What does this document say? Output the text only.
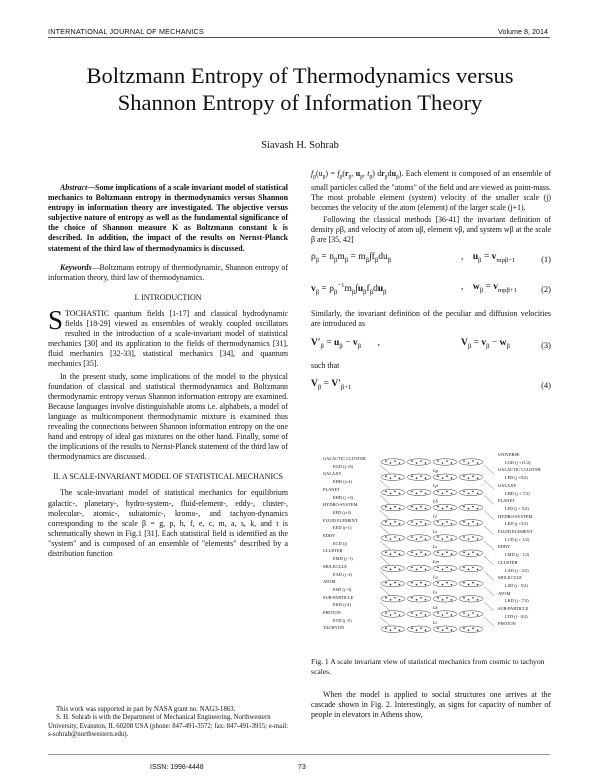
INTERNATIONAL JOURNAL OF MECHANICS	Volume 8, 2014
Boltzmann Entropy of Thermodynamics versus
Shannon Entropy of Information Theory
Siavash H. Sohrab

Abstract—Some implications of a scale invariant model of statistical mechanics to Boltzmann entropy in thermodynamics versus Shannon entropy in information theory are investigated. The objective versus subjective nature of entropy as well as the fundamental significance of the choice of Shannon measure K as Boltzmann constant k is described. In addition, the impact of the results on Nernst-Planck statement of the third law of thermodynamics is discussed.

Keywords—Boltzmann entropy of thermodynamic, Shannon entropy of information theory, third law of thermodynamics.

I. INTRODUCTION

STOCHASTIC quantum fields [1-17] and classical hydrodynamic fields [18-29] viewed as ensembles of weakly coupled oscillators resulted in the introduction of a scale-invariant model of statistical mechanics [30] and its application to the fields of thermodynamics [31], fluid mechanics [32-33], statistical mechanics [34], and quantum mechanics [35].

In the present study, some implications of the model to the physical foundation of classical and statistical thermodynamics and Boltzmann thermodynamic entropy versus Shannon information entropy are examined. Because languages involve distinguishable atoms i.e. alphabets, a model of language as multicomponent thermodynamic mixture is examined thus revealing the connections between Shannon information entropy on the one hand and entropy of ideal gas mixtures on the other hand. Finally, some of the implications of the results to Nernst-Planck statement of the third law of thermodynamics are discussed.

II. A SCALE-INVARIANT MODEL OF STATISTICAL MECHANICS

The scale-invariant model of statistical mechanics for equilibrium galactic-, planetary-, hydro-system-, fluid-element-, eddy-, cluster-, molecular-, atomic-, subatomic-, kromo-, and tachyon-dynamics corresponding to the scale β = g, p, h, f, e, c, m, a, s, k, and t is schematically shown in Fig.1 [31]. Each statistical field is identified as the "system" and is composed of an ensemble of "elements" described by a distribution function

This work was supported in part by NASA grant no. NAG3-1863.

S. H. Sohrab is with the Department of Mechanical Engineering, Northwestern University, Evanston, IL 60208 USA (phone: 847-491-3572; fax: 847-491-3915; e-mail: s-sohrab@northwestern.edu).

$f_\beta(u_\beta) = f_\beta(r_\beta$, $u_\beta$, $t_\beta$) $dr_\beta du_\beta$). Each element is composed of an ensemble of small particles called the "atoms" of the field and are viewed as point-mass. The most probable element (system) velocity of the smaller scale (j) becomes the velocity of the atom (element) of the larger scale (j+1).

Following the classical methods [36-41] the invariant definition of density ρβ, and velocity of atom uβ, element vβ, and system wβ at the scale β are [35, 42]

$\rho_\beta = n_\beta m_\beta = m_\beta\int f_\beta du_\beta$	,    $u_\beta = v_{mp\beta-1}$	(1)
$v_\beta = \rho_\beta^{-1}m_\beta\int u_\beta f_\beta du_\beta$	,    $w_\beta = v_{mp\beta+1}$	(2)

Similarly, the invariant definition of the peculiar and diffusion velocities are introduced as

$V'_\beta = u_\beta - v_\beta$       ,	$V_\beta = v_\beta - w_\beta$	(3)

such that

$V_\beta = V'_{\beta+1}$	(4)
Lg
Lp
Lh
Lf
Le
Lc
Lm
La
Ls
Lk
Lt
GALACTIC CLUSTER
EGD (j +6)
GALAXY
EHD (j+4)
PLANET
EHD (j +3)
HYDRO-SYSTEM
EFD (j+2)
FLUID ELEMENT
EED (j+1)
EDDY
ECD (j)
CLUSTER
EMD (j -1)
MOLECULE
EAD (j -2)
ATOM
ESD (j -3)
SUB-PARTICLE
EKD (j-4)
PHOTON
ETD (j -5)
TACHYON
UNIVERSE
LGD (j +11/2)
GALACTIC CLUSTER
LPD (j +9/2)
GALAXY
LHD (j + 7/2)
PLANET
LFD (j + 5/2)
HYDRO-SYSTEM
LED (j +3/2)
FLUID ELEMENT
LCD (j + 1/2)
EDDY
LMD (j - 1/2)
CLUSTER
LAD (j - 3/2)
MOLECULE
LSD (j - 5/2)
ATOM
LKD (j - 7/2)
SUB-PARTICLE
LTD (j - 9/2)
PHOTON
Fig. 1 A scale invariant view of statistical mechanics from cosmic to tachyon scales.

When the model is applied to social structures one arrives at the cascade shown in Fig. 2. Interestingly, as signs for capacity of number of people in elevators in Athens show,

ISSN: 1998-4448	73
